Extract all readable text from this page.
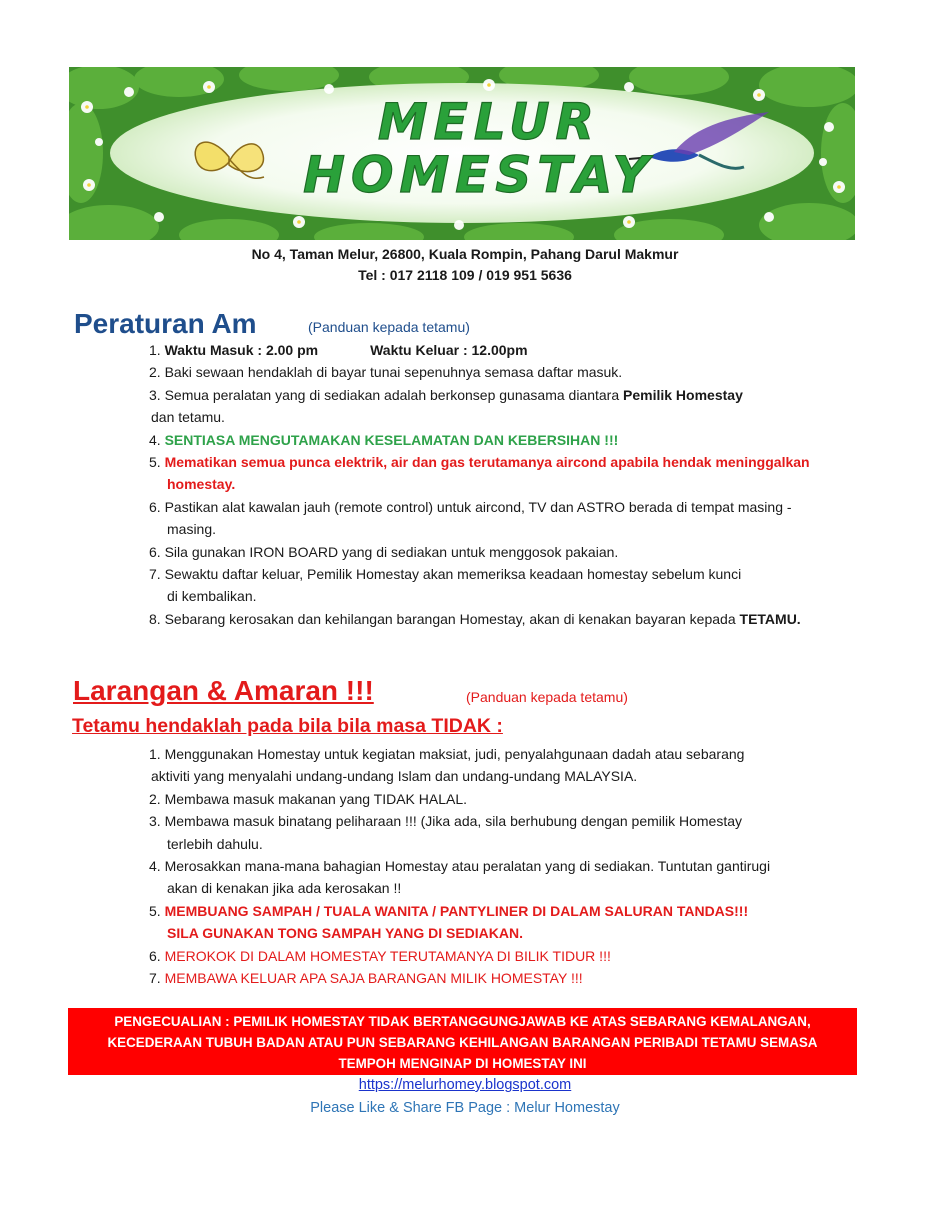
MELUR
HOMESTAY
No 4, Taman Melur, 26800, Kuala Rompin, Pahang Darul Makmur
Tel : 017 2118 109 / 019 951 5636
Peraturan Am	(Panduan kepada tetamu)
1. Waktu Masuk : 2.00 pm	Waktu Keluar : 12.00pm
2. Baki sewaan hendaklah di bayar tunai sepenuhnya semasa daftar masuk.
3. Semua peralatan yang di sediakan adalah berkonsep gunasama diantara Pemilik Homestay
dan tetamu.
4. SENTIASA MENGUTAMAKAN KESELAMATAN DAN KEBERSIHAN !!!
5. Mematikan semua punca elektrik, air dan gas terutamanya aircond apabila hendak meninggalkan
homestay.
6. Pastikan alat kawalan jauh (remote control) untuk aircond, TV dan ASTRO berada di tempat masing -
masing.
6. Sila gunakan IRON BOARD yang di sediakan untuk menggosok pakaian.
7. Sewaktu daftar keluar, Pemilik Homestay akan memeriksa keadaan homestay sebelum kunci
di kembalikan.
8. Sebarang kerosakan dan kehilangan barangan Homestay, akan di kenakan bayaran kepada TETAMU.
Larangan & Amaran !!!	(Panduan kepada tetamu)
Tetamu hendaklah pada bila bila masa TIDAK :
1. Menggunakan Homestay untuk kegiatan maksiat, judi, penyalahgunaan dadah atau sebarang
aktiviti yang menyalahi undang-undang Islam dan undang-undang MALAYSIA.
2. Membawa masuk makanan yang TIDAK HALAL.
3. Membawa masuk binatang peliharaan !!! (Jika ada, sila berhubung dengan pemilik Homestay
terlebih dahulu.
4. Merosakkan mana-mana bahagian Homestay atau peralatan yang di sediakan. Tuntutan gantirugi
akan di kenakan jika ada kerosakan !!
5. MEMBUANG SAMPAH / TUALA WANITA / PANTYLINER DI DALAM SALURAN TANDAS!!!
SILA GUNAKAN TONG SAMPAH YANG DI SEDIAKAN.
6. MEROKOK DI DALAM HOMESTAY TERUTAMANYA DI BILIK TIDUR !!!
7. MEMBAWA KELUAR APA SAJA BARANGAN MILIK HOMESTAY !!!
PENGECUALIAN : PEMILIK HOMESTAY TIDAK BERTANGGUNGJAWAB KE ATAS SEBARANG KEMALANGAN,
KECEDERAAN TUBUH BADAN ATAU PUN SEBARANG KEHILANGAN BARANGAN PERIBADI TETAMU SEMASA
TEMPOH MENGINAP DI HOMESTAY INI
https://melurhomey.blogspot.com
Please Like & Share FB Page : Melur Homestay
